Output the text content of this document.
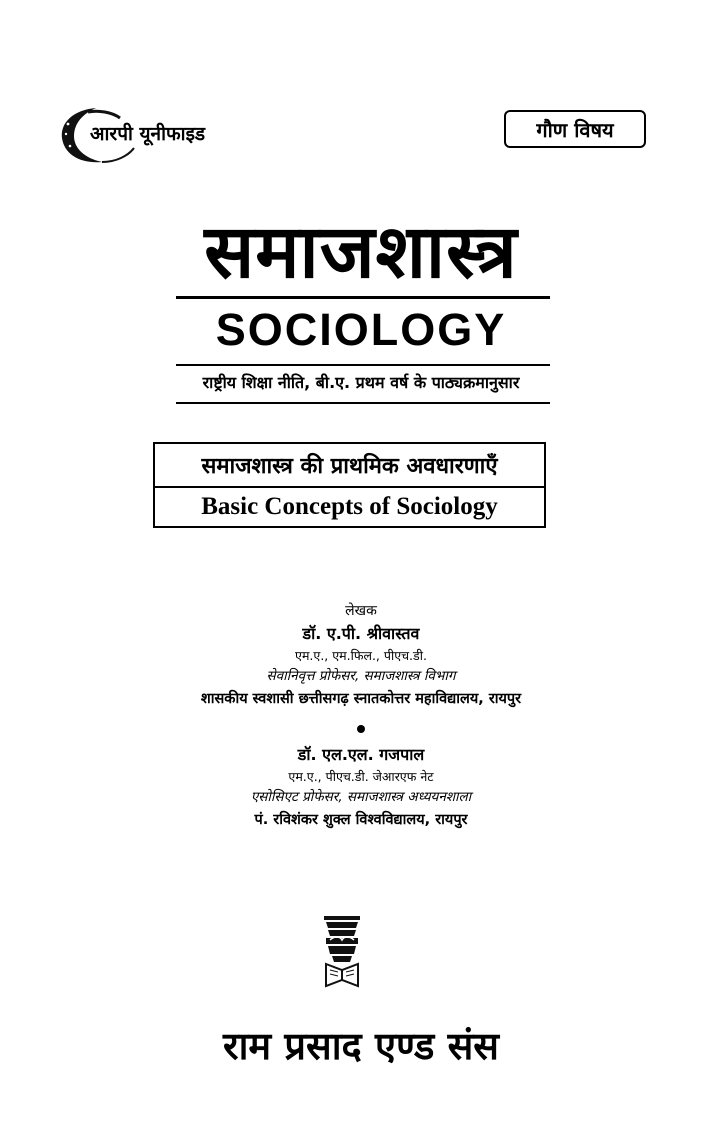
आरपी यूनीफाइड	गौण विषय
समाजशास्त्र
SOCIOLOGY
राष्ट्रीय शिक्षा नीति, बी.ए. प्रथम वर्ष के पाठ्यक्रमानुसार
समाजशास्त्र की प्राथमिक अवधारणाएँ
Basic Concepts of Sociology
लेखक
डॉ. ए.पी. श्रीवास्तव
एम.ए., एम.फिल., पीएच.डी.
सेवानिवृत्त प्रोफेसर, समाजशास्त्र विभाग
शासकीय स्वशासी छत्तीसगढ़ स्नातकोत्तर महाविद्यालय, रायपुर
डॉ. एल.एल. गजपाल
एम.ए., पीएच.डी. जेआरएफ नेट
एसोसिएट प्रोफेसर, समाजशास्त्र अध्ययनशाला
पं. रविशंकर शुक्ल विश्वविद्यालय, रायपुर
राम प्रसाद एण्ड संस
